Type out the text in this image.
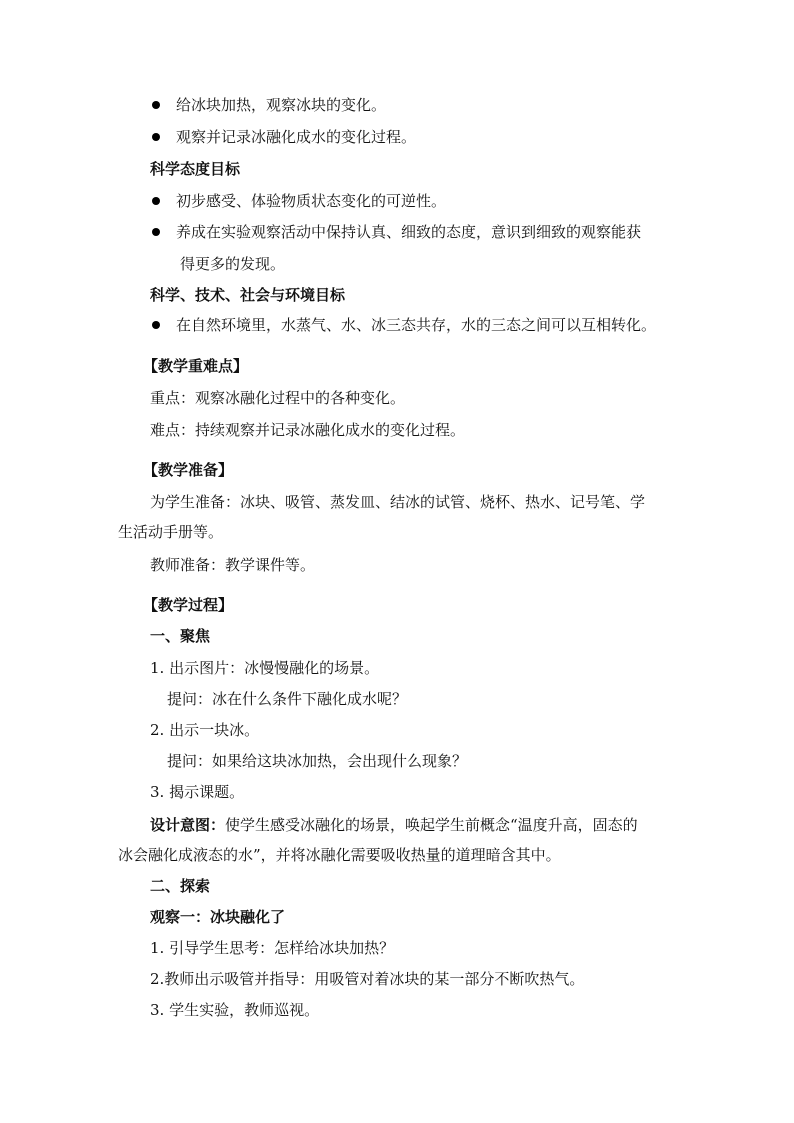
给冰块加热，观察冰块的变化。
观察并记录冰融化成水的变化过程。
科学态度目标
初步感受、体验物质状态变化的可逆性。
养成在实验观察活动中保持认真、细致的态度，意识到细致的观察能获
得更多的发现。
科学、技术、社会与环境目标
在自然环境里，水蒸气、水、冰三态共存，水的三态之间可以互相转化。
【教学重难点】
重点：观察冰融化过程中的各种变化。
难点：持续观察并记录冰融化成水的变化过程。
【教学准备】
为学生准备：冰块、吸管、蒸发皿、结冰的试管、烧杯、热水、记号笔、学
生活动手册等。
教师准备：教学课件等。
【教学过程】
一、聚焦
1. 出示图片：冰慢慢融化的场景。
提问：冰在什么条件下融化成水呢？
2. 出示一块冰。
提问：如果给这块冰加热，会出现什么现象？
3. 揭示课题。
设计意图：使学生感受冰融化的场景，唤起学生前概念“温度升高，固态的
冰会融化成液态的水”，并将冰融化需要吸收热量的道理暗含其中。
二、探索
观察一：冰块融化了
1. 引导学生思考：怎样给冰块加热？
2.教师出示吸管并指导：用吸管对着冰块的某一部分不断吹热气。
3. 学生实验，教师巡视。
